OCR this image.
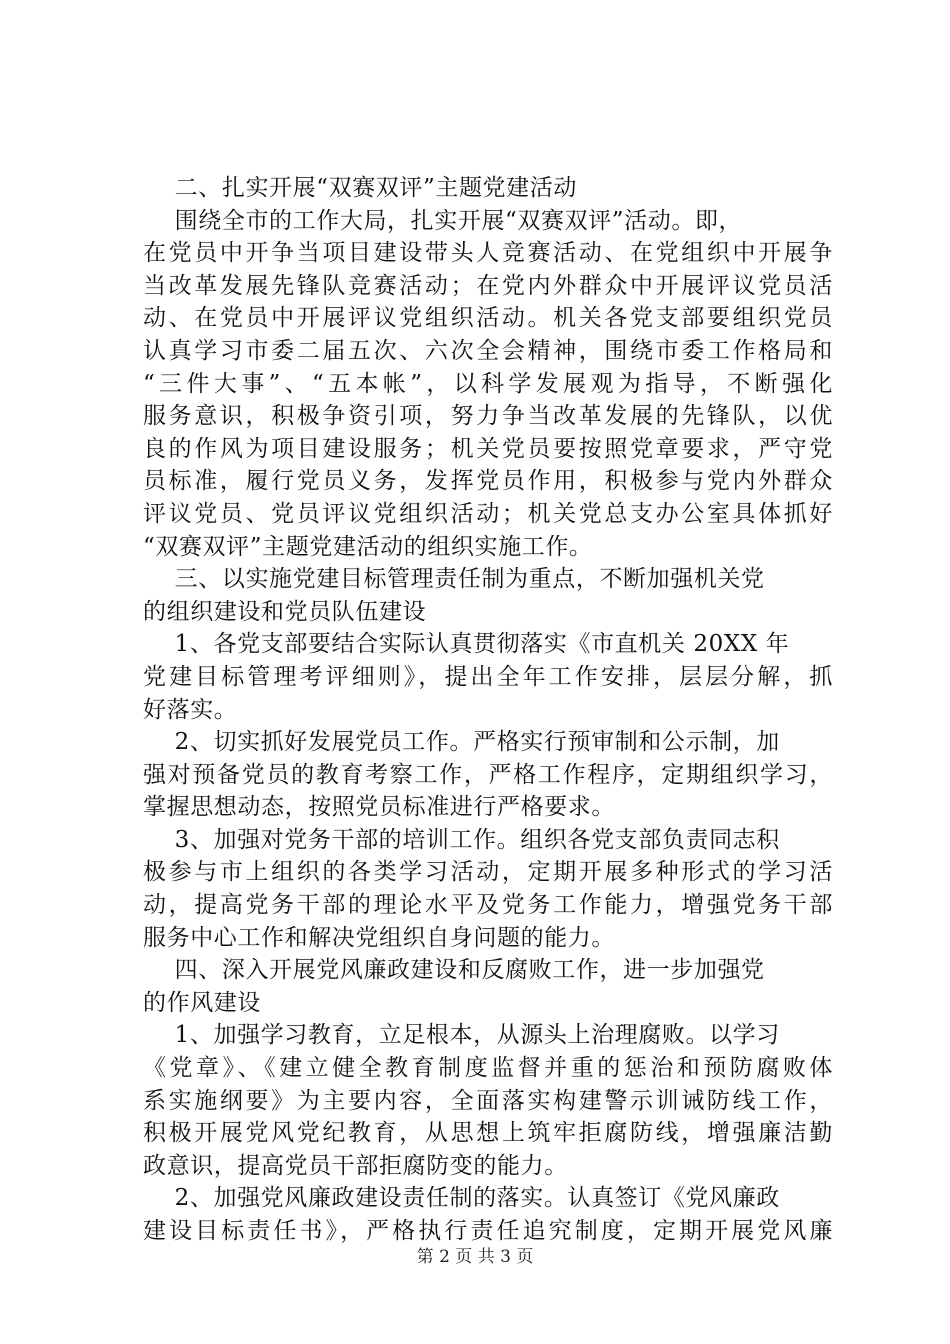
二、扎实开展“双赛双评”主题党建活动
围绕全市的工作大局，扎实开展“双赛双评”活动。即，
在党员中开争当项目建设带头人竞赛活动、在党组织中开展争
当改革发展先锋队竞赛活动；在党内外群众中开展评议党员活
动、在党员中开展评议党组织活动。机关各党支部要组织党员
认真学习市委二届五次、六次全会精神，围绕市委工作格局和
“三件大事”、“五本帐”，以科学发展观为指导，不断强化
服务意识，积极争资引项，努力争当改革发展的先锋队，以优
良的作风为项目建设服务；机关党员要按照党章要求，严守党
员标准，履行党员义务，发挥党员作用，积极参与党内外群众
评议党员、党员评议党组织活动；机关党总支办公室具体抓好
“双赛双评”主题党建活动的组织实施工作。
三、以实施党建目标管理责任制为重点，不断加强机关党
的组织建设和党员队伍建设
1、各党支部要结合实际认真贯彻落实《市直机关 20XX 年
党建目标管理考评细则》，提出全年工作安排，层层分解，抓
好落实。
2、切实抓好发展党员工作。严格实行预审制和公示制，加
强对预备党员的教育考察工作，严格工作程序，定期组织学习，
掌握思想动态，按照党员标准进行严格要求。
3、加强对党务干部的培训工作。组织各党支部负责同志积
极参与市上组织的各类学习活动，定期开展多种形式的学习活
动，提高党务干部的理论水平及党务工作能力，增强党务干部
服务中心工作和解决党组织自身问题的能力。
四、深入开展党风廉政建设和反腐败工作，进一步加强党
的作风建设
1、加强学习教育，立足根本，从源头上治理腐败。以学习
《党章》、《建立健全教育制度监督并重的惩治和预防腐败体
系实施纲要》为主要内容，全面落实构建警示训诫防线工作，
积极开展党风党纪教育，从思想上筑牢拒腐防线，增强廉洁勤
政意识，提高党员干部拒腐防变的能力。
2、加强党风廉政建设责任制的落实。认真签订《党风廉政
建设目标责任书》，严格执行责任追究制度，定期开展党风廉
第 2 页 共 3 页
